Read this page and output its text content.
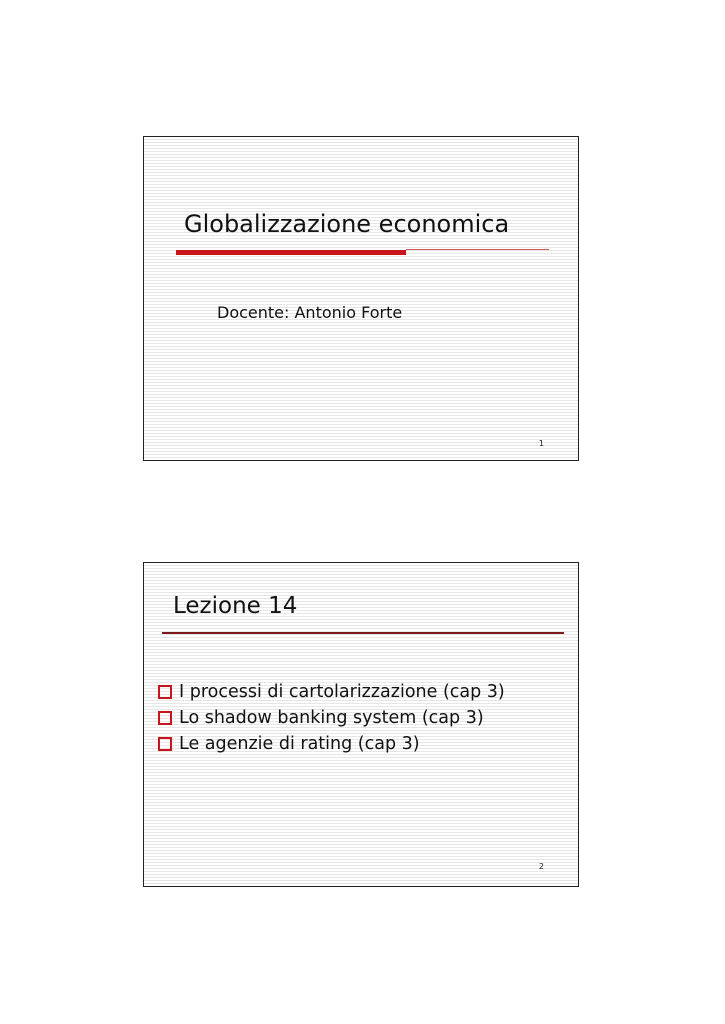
Globalizzazione economica
Docente: Antonio Forte
1
Lezione 14
I processi di cartolarizzazione (cap 3)
Lo shadow banking system (cap 3)
Le agenzie di rating (cap 3)
2
